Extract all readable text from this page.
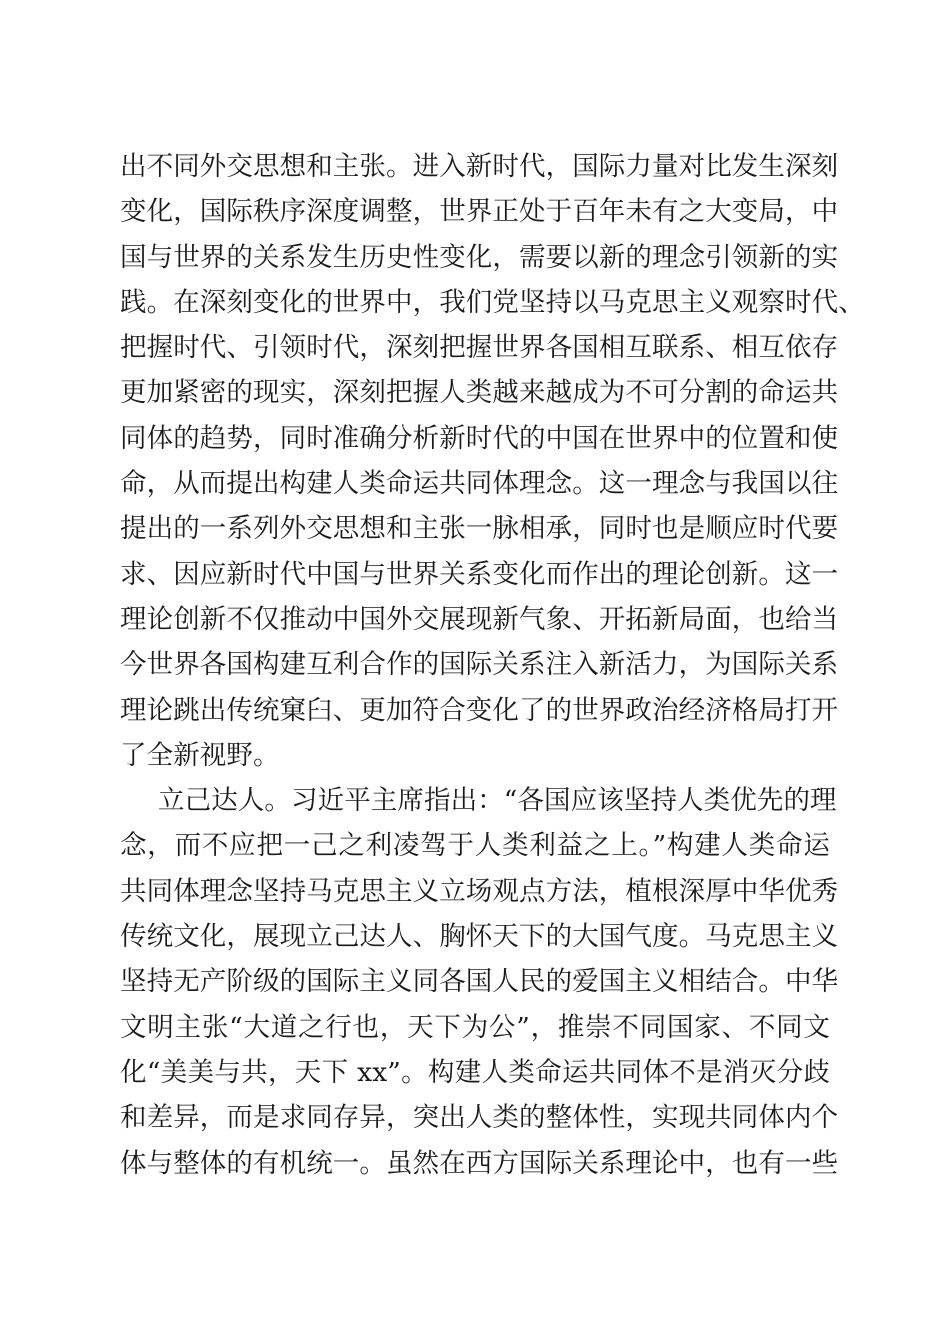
出不同外交思想和主张。进入新时代，国际力量对比发生深刻
变化，国际秩序深度调整，世界正处于百年未有之大变局，中
国与世界的关系发生历史性变化，需要以新的理念引领新的实
践。在深刻变化的世界中，我们党坚持以马克思主义观察时代、
把握时代、引领时代，深刻把握世界各国相互联系、相互依存
更加紧密的现实，深刻把握人类越来越成为不可分割的命运共
同体的趋势，同时准确分析新时代的中国在世界中的位置和使
命，从而提出构建人类命运共同体理念。这一理念与我国以往
提出的一系列外交思想和主张一脉相承，同时也是顺应时代要
求、因应新时代中国与世界关系变化而作出的理论创新。这一
理论创新不仅推动中国外交展现新气象、开拓新局面，也给当
今世界各国构建互利合作的国际关系注入新活力，为国际关系
理论跳出传统窠臼、更加符合变化了的世界政治经济格局打开
了全新视野。
立己达人。习近平主席指出：“各国应该坚持人类优先的理
念，而不应把一己之利凌驾于人类利益之上。”构建人类命运
共同体理念坚持马克思主义立场观点方法，植根深厚中华优秀
传统文化，展现立己达人、胸怀天下的大国气度。马克思主义
坚持无产阶级的国际主义同各国人民的爱国主义相结合。中华
文明主张“大道之行也，天下为公”，推崇不同国家、不同文
化“美美与共，天下 xx”。构建人类命运共同体不是消灭分歧
和差异，而是求同存异，突出人类的整体性，实现共同体内个
体与整体的有机统一。虽然在西方国际关系理论中，也有一些
